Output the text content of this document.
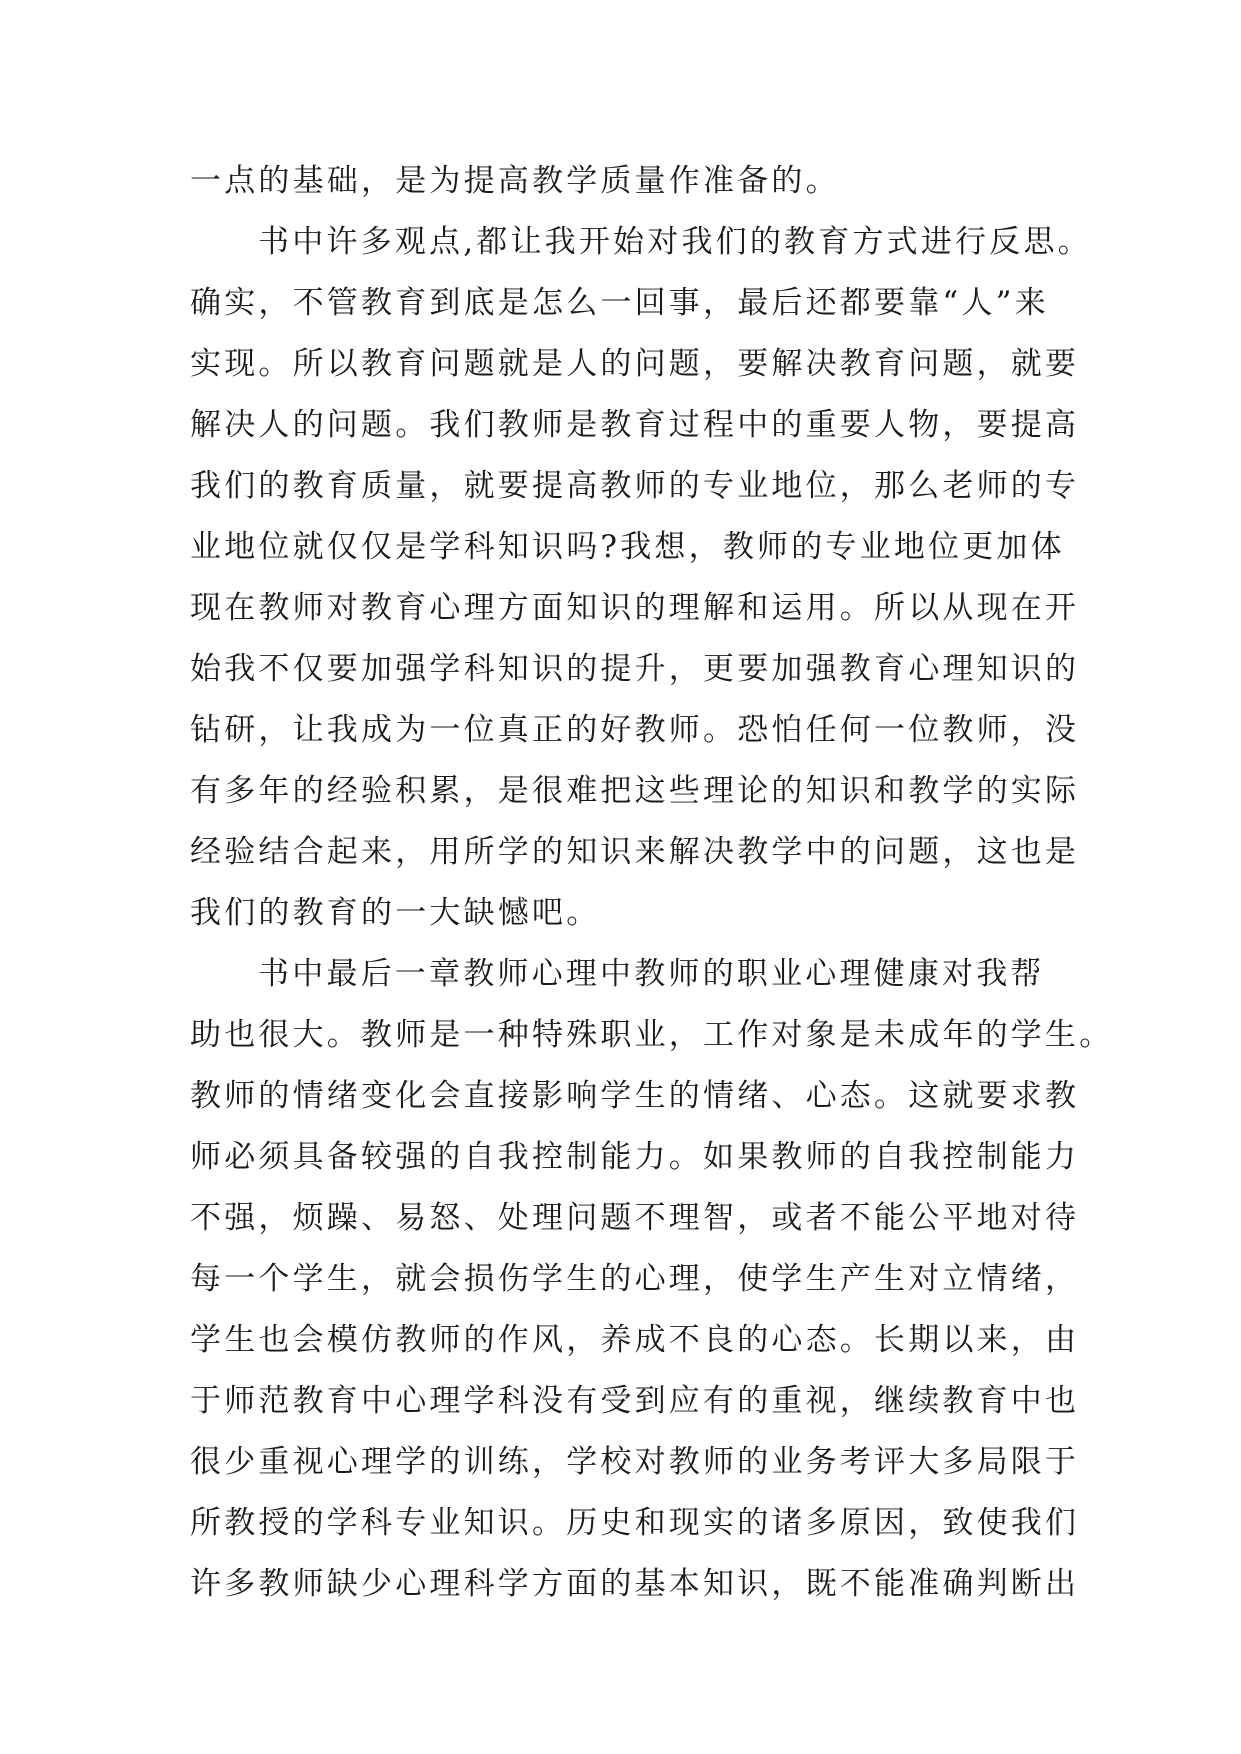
一点的基础，是为提高教学质量作准备的。
书中许多观点,都让我开始对我们的教育方式进行反思。
确实，不管教育到底是怎么一回事，最后还都要靠“人”来
实现。所以教育问题就是人的问题，要解决教育问题，就要
解决人的问题。我们教师是教育过程中的重要人物，要提高
我们的教育质量，就要提高教师的专业地位，那么老师的专
业地位就仅仅是学科知识吗?我想，教师的专业地位更加体
现在教师对教育心理方面知识的理解和运用。所以从现在开
始我不仅要加强学科知识的提升，更要加强教育心理知识的
钻研，让我成为一位真正的好教师。恐怕任何一位教师，没
有多年的经验积累，是很难把这些理论的知识和教学的实际
经验结合起来，用所学的知识来解决教学中的问题，这也是
我们的教育的一大缺憾吧。
书中最后一章教师心理中教师的职业心理健康对我帮
助也很大。教师是一种特殊职业，工作对象是未成年的学生。
教师的情绪变化会直接影响学生的情绪、心态。这就要求教
师必须具备较强的自我控制能力。如果教师的自我控制能力
不强，烦躁、易怒、处理问题不理智，或者不能公平地对待
每一个学生，就会损伤学生的心理，使学生产生对立情绪，
学生也会模仿教师的作风，养成不良的心态。长期以来，由
于师范教育中心理学科没有受到应有的重视，继续教育中也
很少重视心理学的训练，学校对教师的业务考评大多局限于
所教授的学科专业知识。历史和现实的诸多原因，致使我们
许多教师缺少心理科学方面的基本知识，既不能准确判断出
